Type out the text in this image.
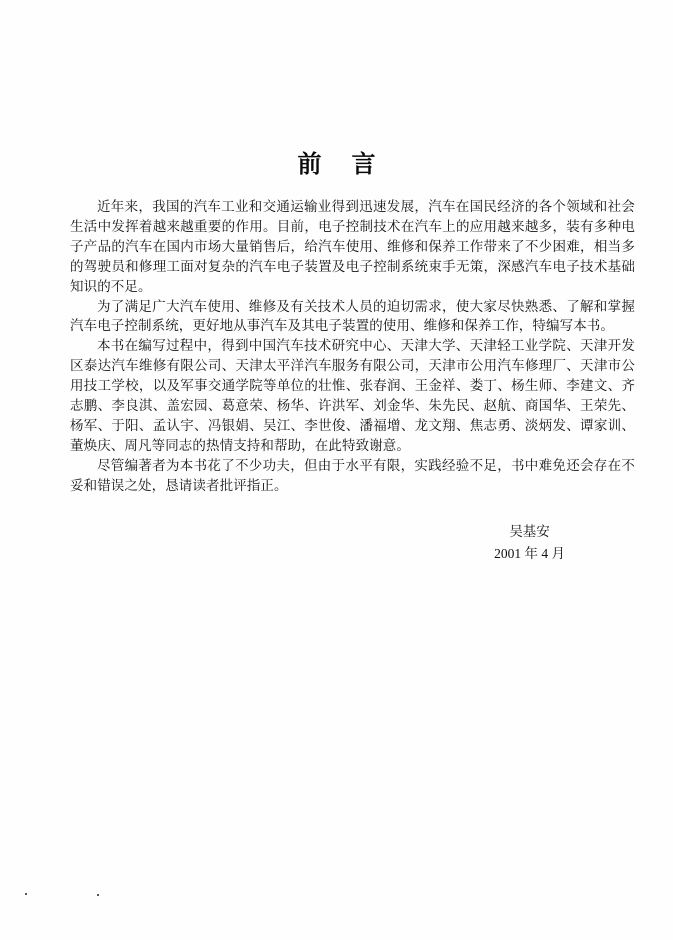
前 言

近年来，我国的汽车工业和交通运输业得到迅速发展，汽车在国民经济的各个领域和社会生活中发挥着越来越重要的作用。目前，电子控制技术在汽车上的应用越来越多，装有多种电子产品的汽车在国内市场大量销售后，给汽车使用、维修和保养工作带来了不少困难，相当多的驾驶员和修理工面对复杂的汽车电子装置及电子控制系统束手无策，深感汽车电子技术基础知识的不足。

为了满足广大汽车使用、维修及有关技术人员的迫切需求，使大家尽快熟悉、了解和掌握汽车电子控制系统，更好地从事汽车及其电子装置的使用、维修和保养工作，特编写本书。

本书在编写过程中，得到中国汽车技术研究中心、天津大学、天津轻工业学院、天津开发区泰达汽车维修有限公司、天津太平洋汽车服务有限公司，天津市公用汽车修理厂、天津市公用技工学校，以及军事交通学院等单位的壮惟、张春润、王金祥、娄丁、杨生师、李建文、齐志鹏、李良淇、盖宏园、葛意荣、杨华、许洪军、刘金华、朱先民、赵航、商国华、王荣先、杨军、于阳、孟认宇、冯银娟、吴江、李世俊、潘福增、龙文翔、焦志勇、淡炳发、谭家训、董焕庆、周凡等同志的热情支持和帮助，在此特致谢意。

尽管编著者为本书花了不少功夫，但由于水平有限，实践经验不足，书中难免还会存在不妥和错误之处，恳请读者批评指正。

吴基安
2001 年 4 月
